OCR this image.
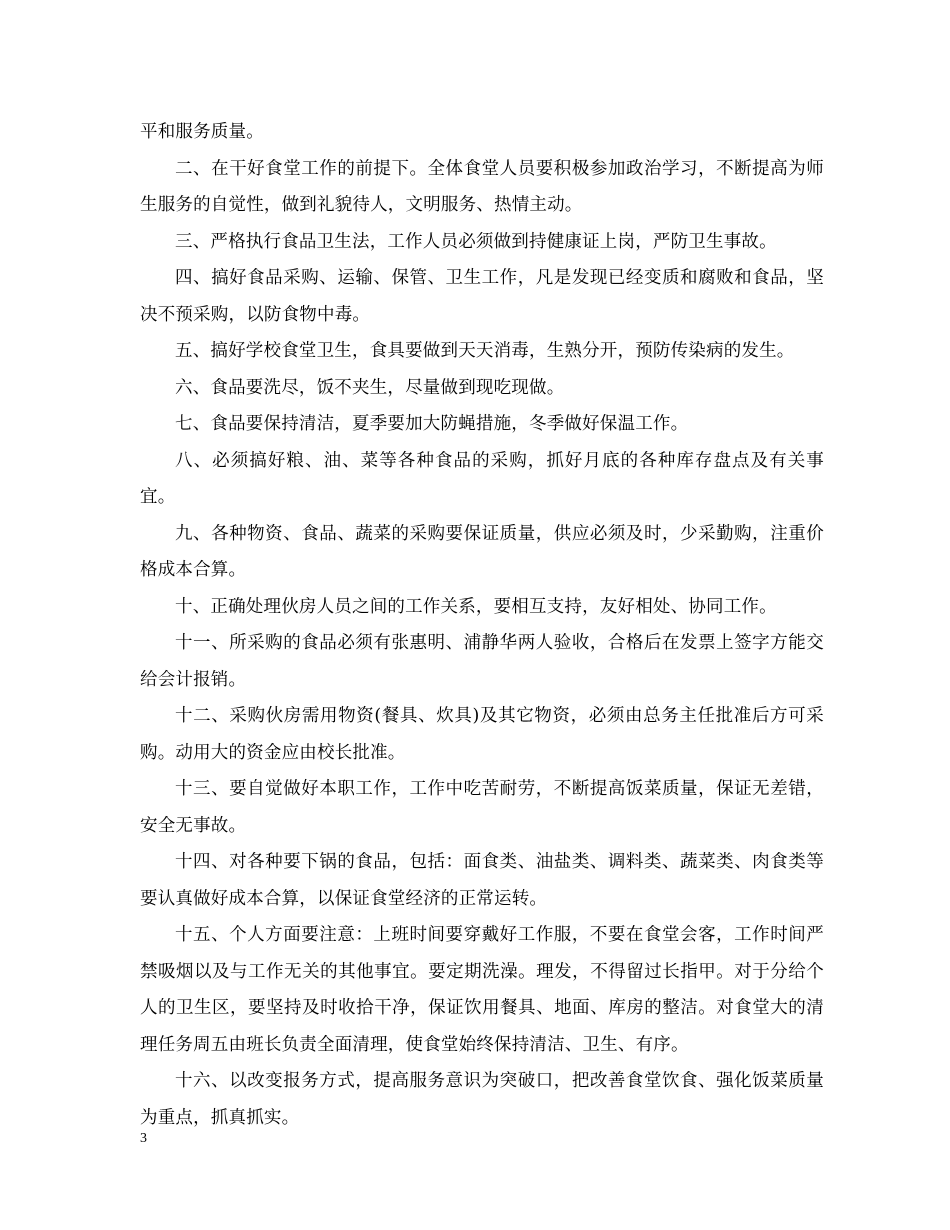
平和服务质量。

二、在干好食堂工作的前提下。全体食堂人员要积极参加政治学习，不断提高为师生服务的自觉性，做到礼貌待人，文明服务、热情主动。

三、严格执行食品卫生法，工作人员必须做到持健康证上岗，严防卫生事故。

四、搞好食品采购、运输、保管、卫生工作，凡是发现已经变质和腐败和食品，坚决不预采购，以防食物中毒。

五、搞好学校食堂卫生，食具要做到天天消毒，生熟分开，预防传染病的发生。

六、食品要洗尽，饭不夹生，尽量做到现吃现做。

七、食品要保持清洁，夏季要加大防蝇措施，冬季做好保温工作。

八、必须搞好粮、油、菜等各种食品的采购，抓好月底的各种库存盘点及有关事宜。

九、各种物资、食品、蔬菜的采购要保证质量，供应必须及时，少采勤购，注重价格成本合算。

十、正确处理伙房人员之间的工作关系，要相互支持，友好相处、协同工作。

十一、所采购的食品必须有张惠明、浦静华两人验收，合格后在发票上签字方能交给会计报销。

十二、采购伙房需用物资(餐具、炊具)及其它物资，必须由总务主任批准后方可采购。动用大的资金应由校长批准。

十三、要自觉做好本职工作，工作中吃苦耐劳，不断提高饭菜质量，保证无差错，安全无事故。

十四、对各种要下锅的食品，包括：面食类、油盐类、调料类、蔬菜类、肉食类等要认真做好成本合算，以保证食堂经济的正常运转。

十五、个人方面要注意：上班时间要穿戴好工作服，不要在食堂会客，工作时间严禁吸烟以及与工作无关的其他事宜。要定期洗澡。理发，不得留过长指甲。对于分给个人的卫生区，要坚持及时收拾干净，保证饮用餐具、地面、库房的整洁。对食堂大的清理任务周五由班长负责全面清理，使食堂始终保持清洁、卫生、有序。

十六、以改变报务方式，提高服务意识为突破口，把改善食堂饮食、强化饭菜质量为重点，抓真抓实。

3
